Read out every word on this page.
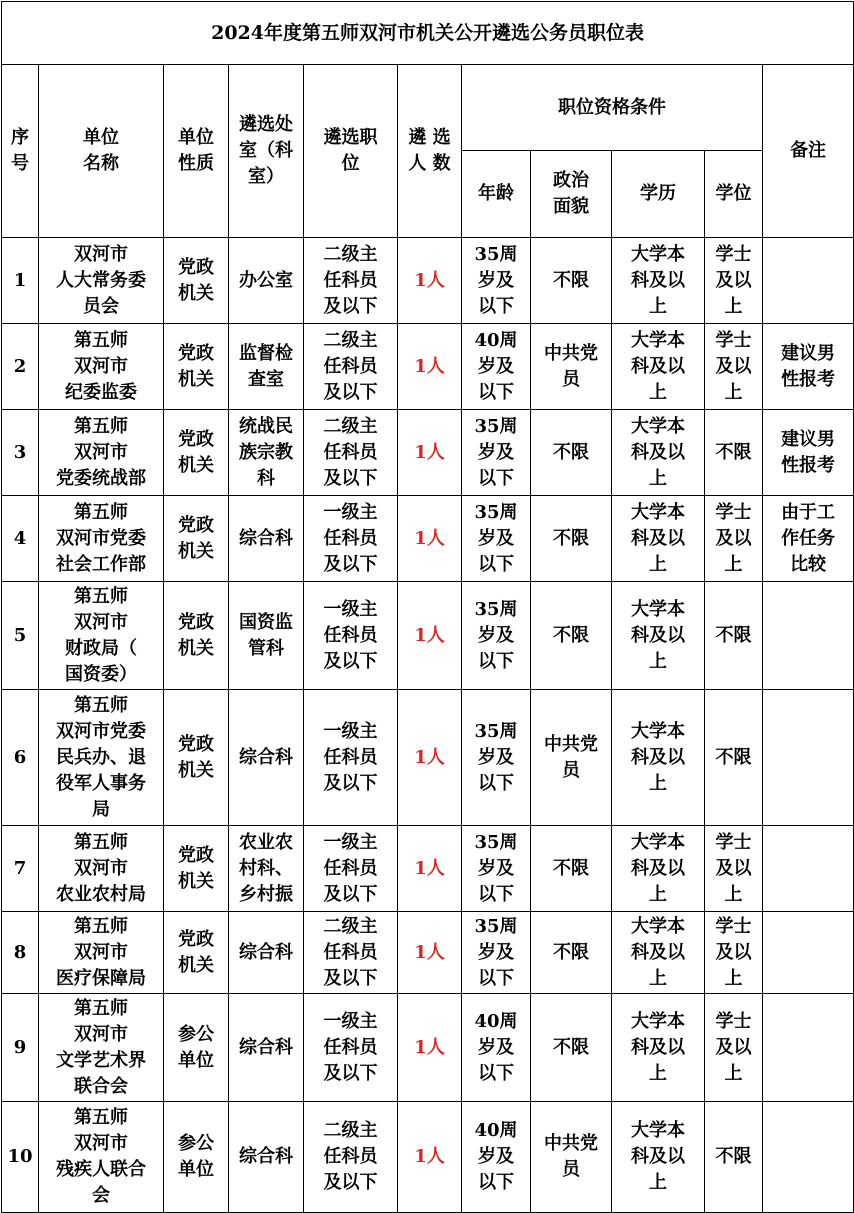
2024年度第五师双河市机关公开遴选公务员职位表										
序
号	单位
名称	单位
性质	遴选处
室（科
室）	遴选职
位	遴 选
人 数	职位资格条件				备注
						年龄	政治
面貌	学历	学位	
1	双河市
人大常务委
员会	党政
机关	办公室	二级主
任科员
及以下	1人	35周
岁及
以下	不限	大学本
科及以
上	学士
及以
上	
2	第五师
双河市
纪委监委	党政
机关	监督检
查室	二级主
任科员
及以下	1人	40周
岁及
以下	中共党
员	大学本
科及以
上	学士
及以
上	建议男
性报考
3	第五师
双河市
党委统战部	党政
机关	统战民
族宗教
科	二级主
任科员
及以下	1人	35周
岁及
以下	不限	大学本
科及以
上	不限	建议男
性报考
4	第五师
双河市党委
社会工作部	党政
机关	综合科	一级主
任科员
及以下	1人	35周
岁及
以下	不限	大学本
科及以
上	学士
及以
上	由于工
作任务
比较
5	第五师
双河市
财政局（
国资委）	党政
机关	国资监
管科	一级主
任科员
及以下	1人	35周
岁及
以下	不限	大学本
科及以
上	不限	
6	第五师
双河市党委
民兵办、退
役军人事务
局	党政
机关	综合科	一级主
任科员
及以下	1人	35周
岁及
以下	中共党
员	大学本
科及以
上	不限	
7	第五师
双河市
农业农村局	党政
机关	农业农
村科、
乡村振	一级主
任科员
及以下	1人	35周
岁及
以下	不限	大学本
科及以
上	学士
及以
上	
8	第五师
双河市
医疗保障局	党政
机关	综合科	二级主
任科员
及以下	1人	35周
岁及
以下	不限	大学本
科及以
上	学士
及以
上	
9	第五师
双河市
文学艺术界
联合会	参公
单位	综合科	一级主
任科员
及以下	1人	40周
岁及
以下	不限	大学本
科及以
上	学士
及以
上	
10	第五师
双河市
残疾人联合
会	参公
单位	综合科	二级主
任科员
及以下	1人	40周
岁及
以下	中共党
员	大学本
科及以
上	不限	
